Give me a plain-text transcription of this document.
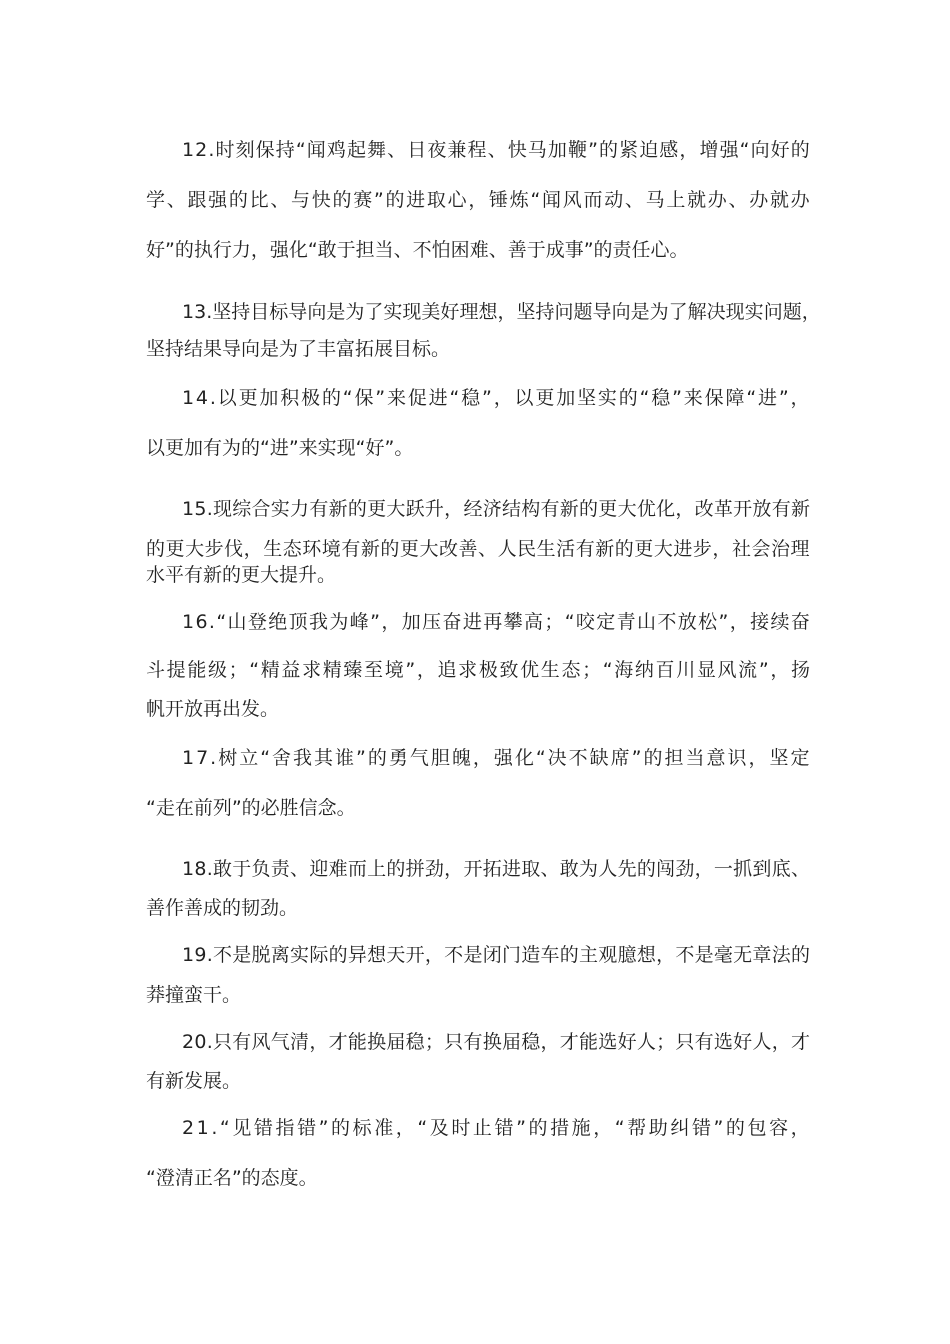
1 2 . 时 刻 保 持 “ 闻 鸡 起 舞 、 日 夜 兼 程 、 快 马 加 鞭 ” 的 紧 迫 感 ， 增 强 “ 向 好 的
学 、 跟 强 的 比 、 与 快 的 赛 ” 的 进 取 心 ， 锤 炼 “ 闻 风 而 动 、 马 上 就 办 、 办 就 办
好”的执行力，强化“敢于担当、不怕困难、善于成事”的责任心。
1 3 . 坚 持 目 标 导 向 是 为 了 实 现 美 好 理 想 ， 坚 持 问 题 导 向 是 为 了 解 决 现 实 问 题 ，
坚持结果导向是为了丰富拓展目标。
1 4 . 以 更 加 积 极 的 “ 保 ” 来 促 进 “ 稳 ” ， 以 更 加 坚 实 的 “ 稳 ” 来 保 障 “ 进 ” ，
以更加有为的“进”来实现“好”。
1 5 . 现 综 合 实 力 有 新 的 更 大 跃 升 ， 经 济 结 构 有 新 的 更 大 优 化 ， 改 革 开 放 有 新
的 更 大 步 伐 ， 生 态 环 境 有 新 的 更 大 改 善 、 人 民 生 活 有 新 的 更 大 进 步 ， 社 会 治 理
水平有新的更大提升。
1 6 . “ 山 登 绝 顶 我 为 峰 ” ， 加 压 奋 进 再 攀 高 ； “ 咬 定 青 山 不 放 松 ” ， 接 续 奋
斗 提 能 级 ； “ 精 益 求 精 臻 至 境 ” ， 追 求 极 致 优 生 态 ； “ 海 纳 百 川 显 风 流 ” ， 扬
帆开放再出发。
1 7 . 树 立 “ 舍 我 其 谁 ” 的 勇 气 胆 魄 ， 强 化 “ 决 不 缺 席 ” 的 担 当 意 识 ， 坚 定
“走在前列”的必胜信念。
1 8 . 敢 于 负 责 、 迎 难 而 上 的 拼 劲 ， 开 拓 进 取 、 敢 为 人 先 的 闯 劲 ， 一 抓 到 底 、
善作善成的韧劲。
1 9 . 不 是 脱 离 实 际 的 异 想 天 开 ， 不 是 闭 门 造 车 的 主 观 臆 想 ， 不 是 毫 无 章 法 的
莽撞蛮干。
2 0 . 只 有 风 气 清 ， 才 能 换 届 稳 ； 只 有 换 届 稳 ， 才 能 选 好 人 ； 只 有 选 好 人 ， 才
有新发展。
2 1 . “ 见 错 指 错 ” 的 标 准 ， “ 及 时 止 错 ” 的 措 施 ， “ 帮 助 纠 错 ” 的 包 容 ，
“澄清正名”的态度。
